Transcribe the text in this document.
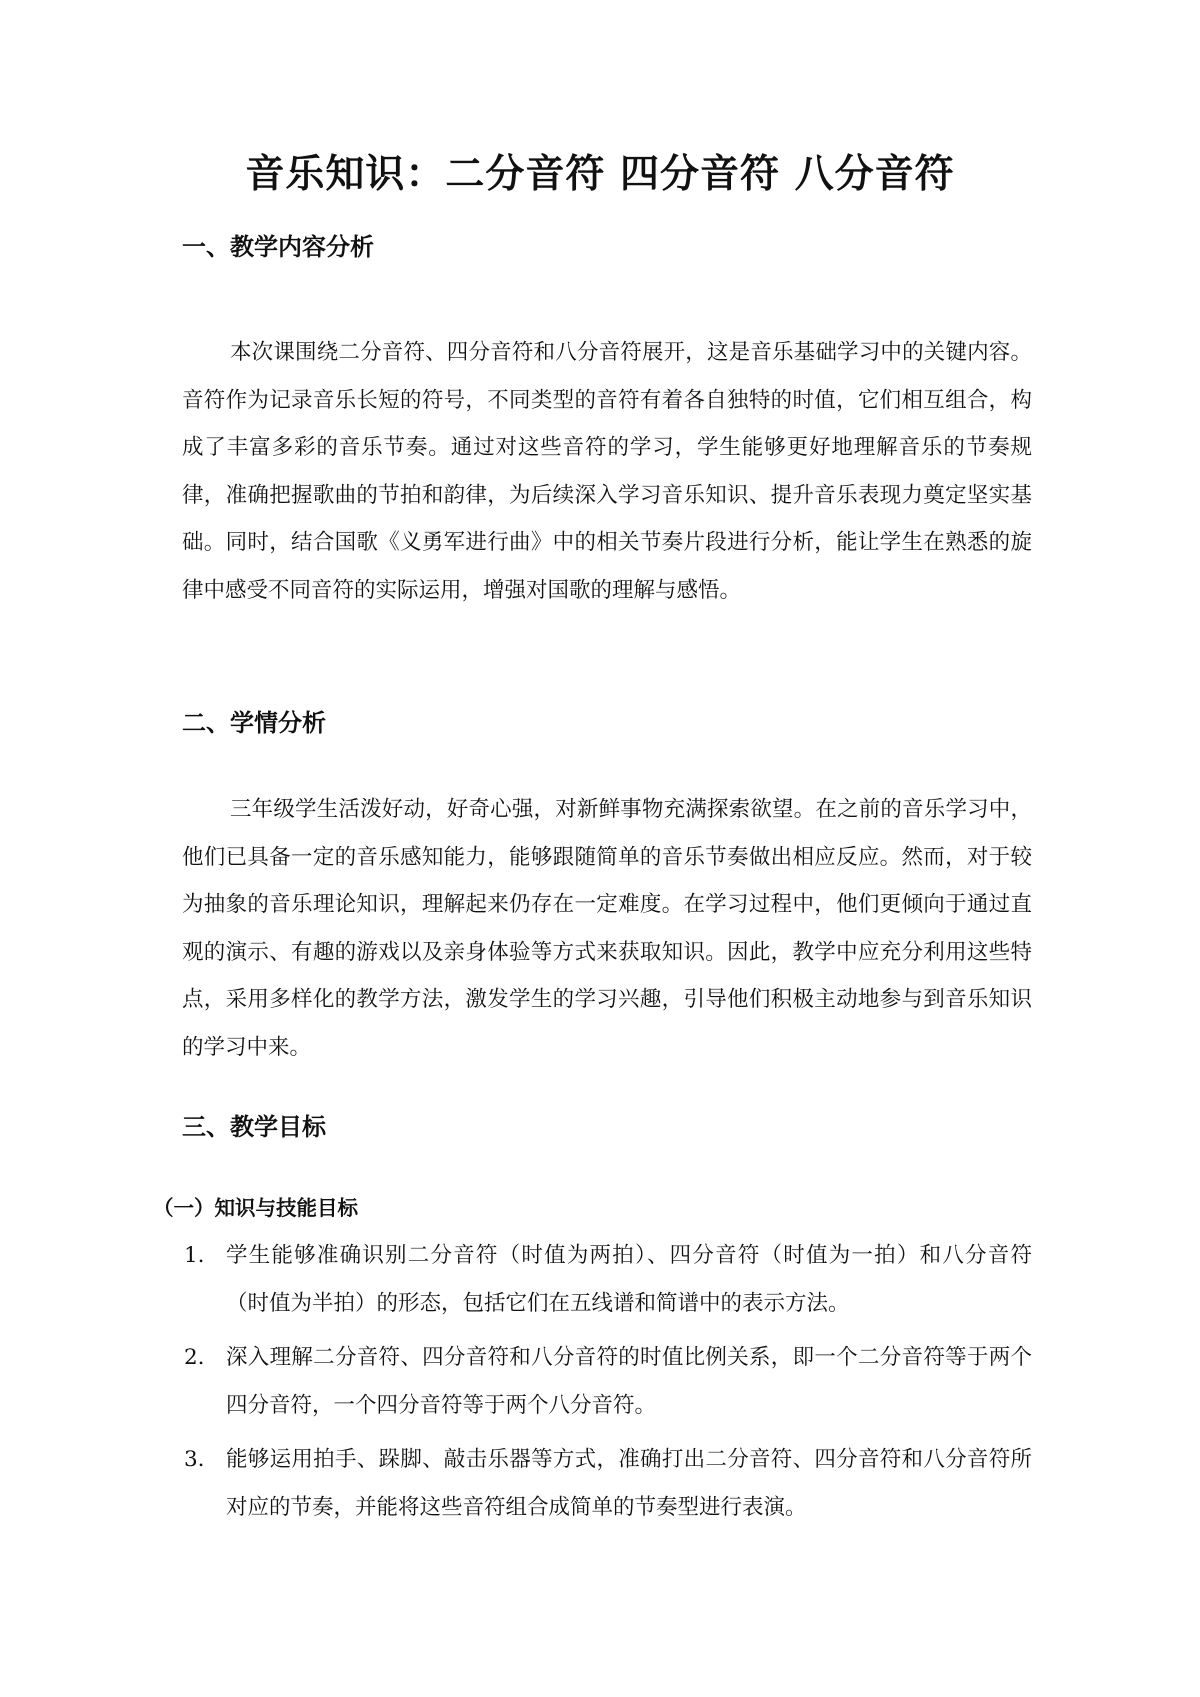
音乐知识：二分音符 四分音符 八分音符
一、教学内容分析

本次课围绕二分音符、四分音符和八分音符展开，这是音乐基础学习中的关键内容。音符作为记录音乐长短的符号，不同类型的音符有着各自独特的时值，它们相互组合，构成了丰富多彩的音乐节奏。通过对这些音符的学习，学生能够更好地理解音乐的节奏规律，准确把握歌曲的节拍和韵律，为后续深入学习音乐知识、提升音乐表现力奠定坚实基础。同时，结合国歌《义勇军进行曲》中的相关节奏片段进行分析，能让学生在熟悉的旋律中感受不同音符的实际运用，增强对国歌的理解与感悟。

二、学情分析

三年级学生活泼好动，好奇心强，对新鲜事物充满探索欲望。在之前的音乐学习中，他们已具备一定的音乐感知能力，能够跟随简单的音乐节奏做出相应反应。然而，对于较为抽象的音乐理论知识，理解起来仍存在一定难度。在学习过程中，他们更倾向于通过直观的演示、有趣的游戏以及亲身体验等方式来获取知识。因此，教学中应充分利用这些特点，采用多样化的教学方法，激发学生的学习兴趣，引导他们积极主动地参与到音乐知识的学习中来。

三、教学目标
（一）知识与技能目标
1. 学生能够准确识别二分音符（时值为两拍）、四分音符（时值为一拍）和八分音符（时值为半拍）的形态，包括它们在五线谱和简谱中的表示方法。
2. 深入理解二分音符、四分音符和八分音符的时值比例关系，即一个二分音符等于两个四分音符，一个四分音符等于两个八分音符。
3. 能够运用拍手、跺脚、敲击乐器等方式，准确打出二分音符、四分音符和八分音符所对应的节奏，并能将这些音符组合成简单的节奏型进行表演。
